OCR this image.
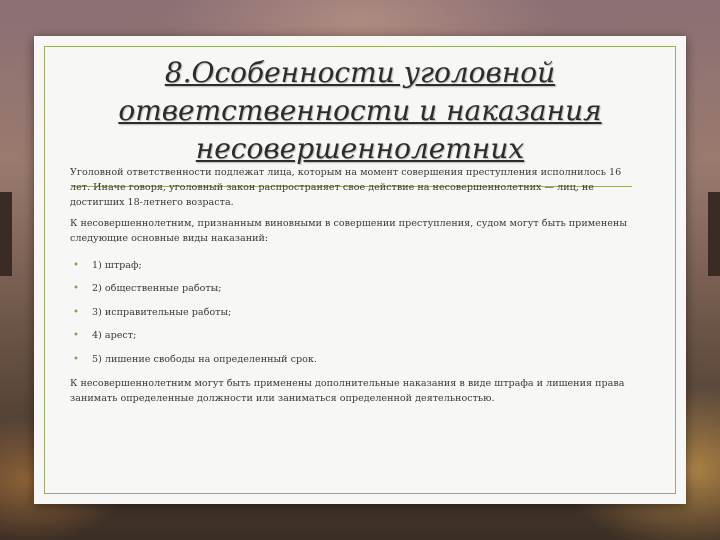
8.Особенности уголовной ответственности и наказания несовершеннолетних

Уголовной ответственности подлежат лица, которым на момент совершения преступления исполнилось 16 лет. Иначе говоря, уголовный закон распространяет свое действие на несовершеннолетних — лиц, не достигших 18-летнего возраста.

К несовершеннолетним, признанным виновными в совершении преступления, судом могут быть применены следующие основные виды наказаний:

• 1) штраф;
• 2) общественные работы;
• 3) исправительные работы;
• 4) арест;
• 5) лишение свободы на определенный срок.

К несовершеннолетним могут быть применены дополнительные наказания в виде штрафа и лишения права занимать определенные должности или заниматься определенной деятельностью.
